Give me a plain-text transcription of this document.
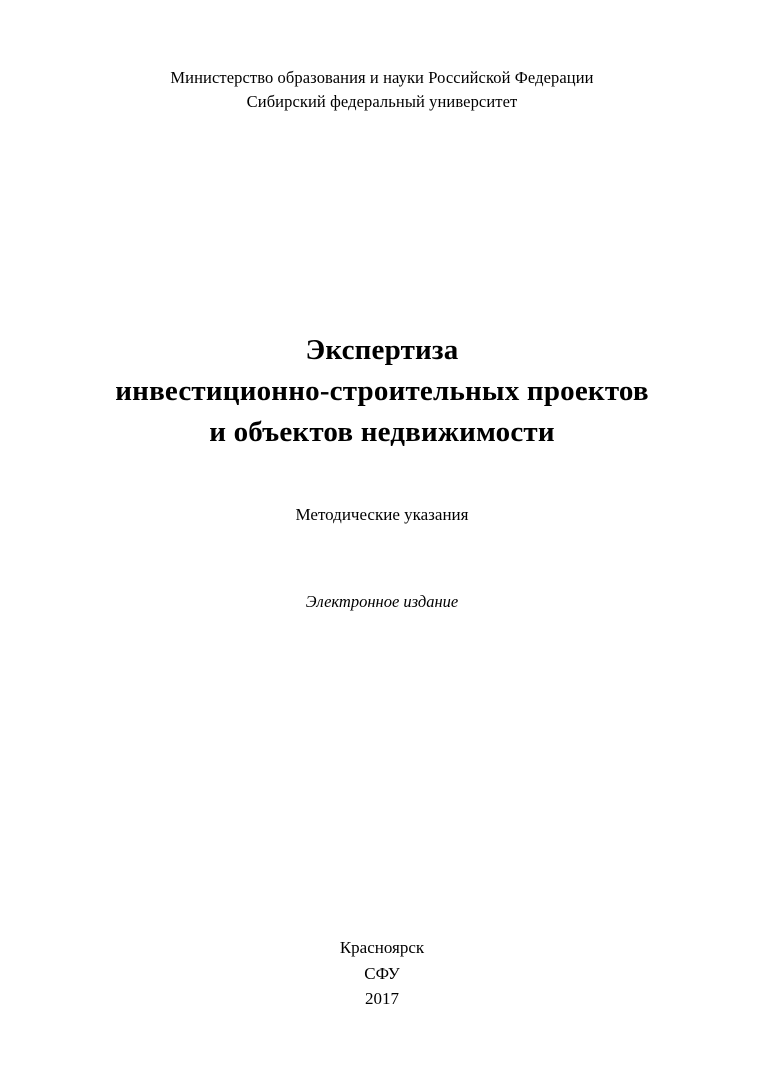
Министерство образования и науки Российской Федерации
Сибирский федеральный университет
Экспертиза
инвестиционно-строительных проектов
и объектов недвижимости
Методические указания
Электронное издание
Красноярск
СФУ
2017
